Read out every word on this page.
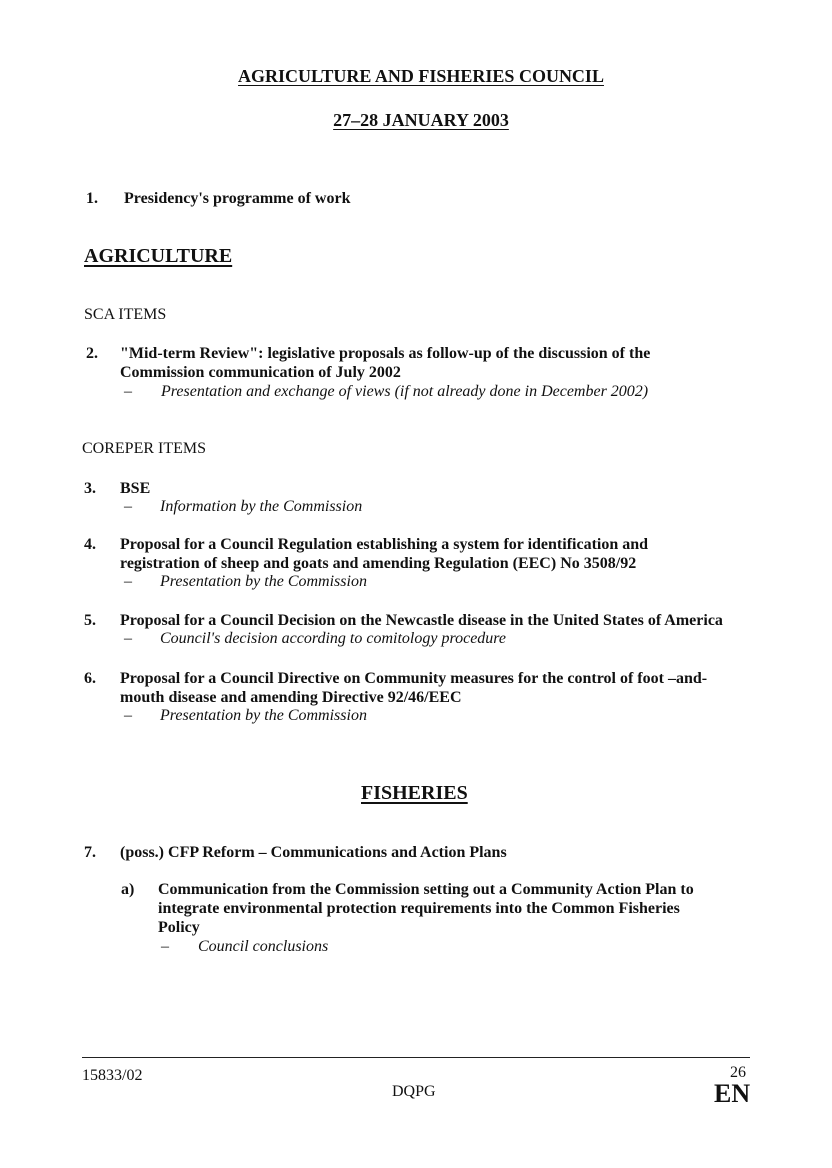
AGRICULTURE AND FISHERIES COUNCIL
27–28 JANUARY 2003
1. Presidency's programme of work
AGRICULTURE
SCA ITEMS
2. "Mid-term Review": legislative proposals as follow-up of the discussion of the
Commission communication of July 2002
– Presentation and exchange of views (if not already done in December 2002)
COREPER ITEMS
3. BSE
– Information by the Commission
4. Proposal for a Council Regulation establishing a system for identification and
registration of sheep and goats and amending Regulation (EEC) No 3508/92
– Presentation by the Commission
5. Proposal for a Council Decision on the Newcastle disease in the United States of America
– Council's decision according to comitology procedure
6. Proposal for a Council Directive on Community measures for the control of foot –and-
mouth disease and amending Directive 92/46/EEC
– Presentation by the Commission
FISHERIES
7. (poss.) CFP Reform – Communications and Action Plans
a) Communication from the Commission setting out a Community Action Plan to
integrate environmental protection requirements into the Common Fisheries
Policy
– Council conclusions
15833/02	26
DQPG	EN
